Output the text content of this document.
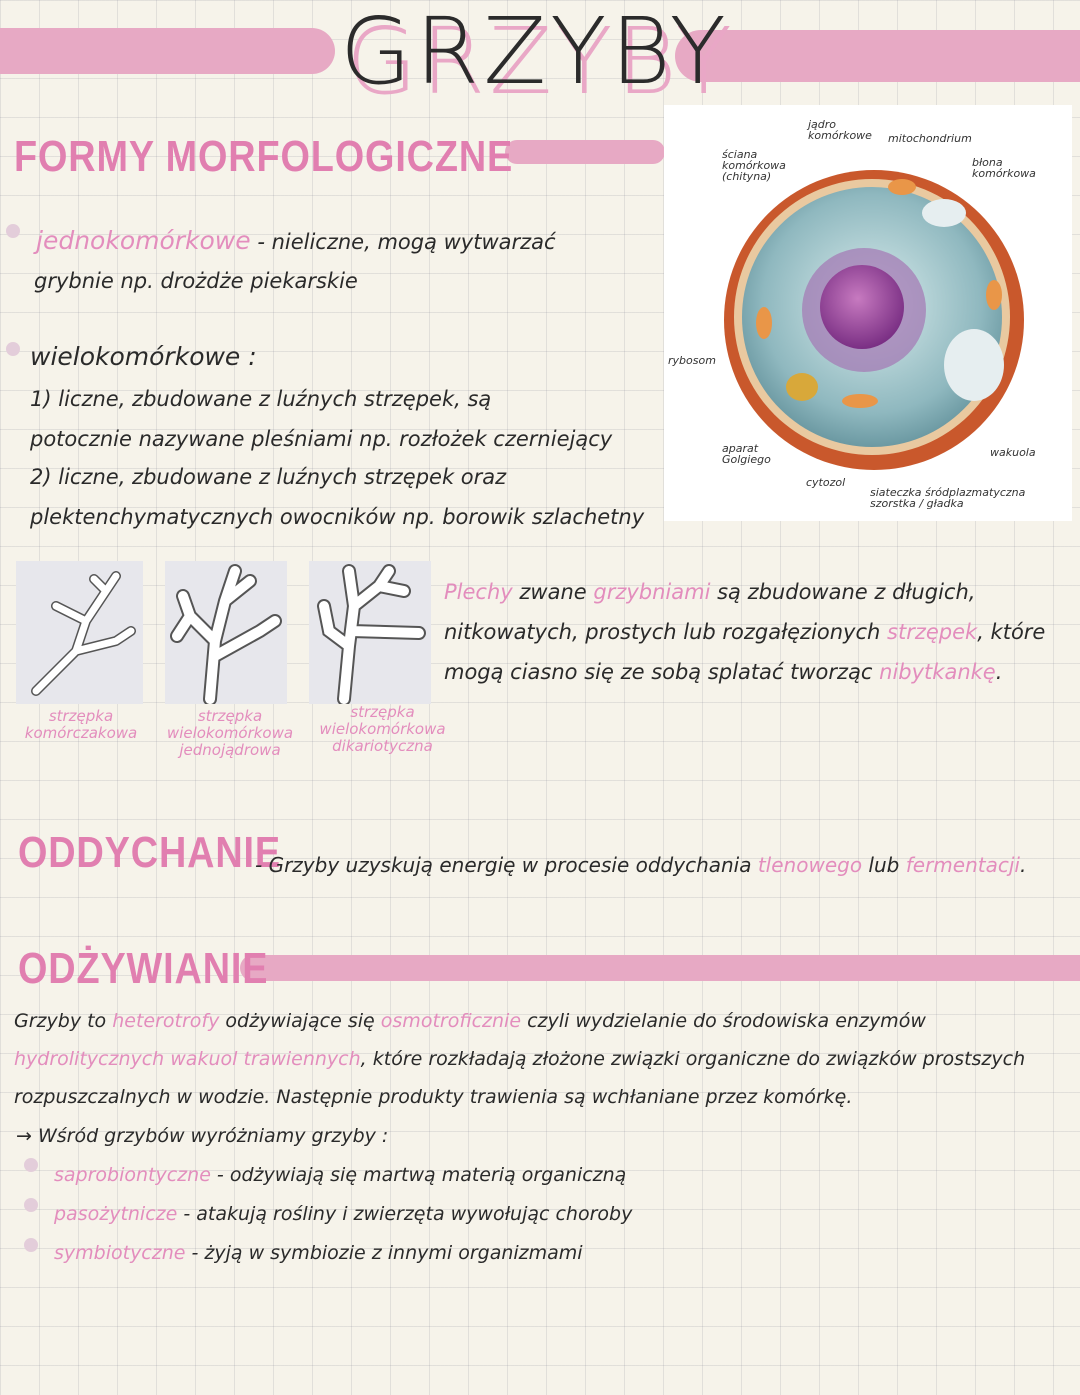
GRZYBY
FORMY MORFOLOGICZNE
jednokomórkowe - nieliczne, mogą wytwarzać
grybnie np. drożdże piekarskie
wielokomórkowe :
1) liczne, zbudowane z luźnych strzępek, są
potocznie nazywane pleśniami np. rozłożek czerniejący
2) liczne, zbudowane z luźnych strzępek oraz
plektenchymatycznych owocników np. borowik szlachetny
ściana komórkowa (chityna)
jądro komórkowe	mitochondrium
błona komórkowa
rybosom
aparat Golgiego
wakuola
cytozol
siateczka śródplazmatyczna szorstka / gładka
strzępka komórczakowa
strzępka wielokomórkowa jednojądrowa
strzępka wielokomórkowa dikariotyczna
Plechy zwane grzybniami są zbudowane z długich, nitkowatych, prostych lub rozgałęzionych strzępek, które mogą ciasno się ze sobą splatać tworząc nibytkankę.
ODDYCHANIE
- Grzyby uzyskują energię w procesie oddychania tlenowego lub fermentacji.
ODŻYWIANIE
Grzyby to heterotrofy odżywiające się osmotroficznie czyli wydzielanie do środowiska enzymów
hydrolitycznych wakuol trawiennych, które rozkładają złożone związki organiczne do związków prostszych
rozpuszczalnych w wodzie. Następnie produkty trawienia są wchłaniane przez komórkę.
→ Wśród grzybów wyróżniamy grzyby :
saprobiontyczne - odżywiają się martwą materią organiczną
pasożytnicze - atakują rośliny i zwierzęta wywołując choroby
symbiotyczne - żyją w symbiozie z innymi organizmami
